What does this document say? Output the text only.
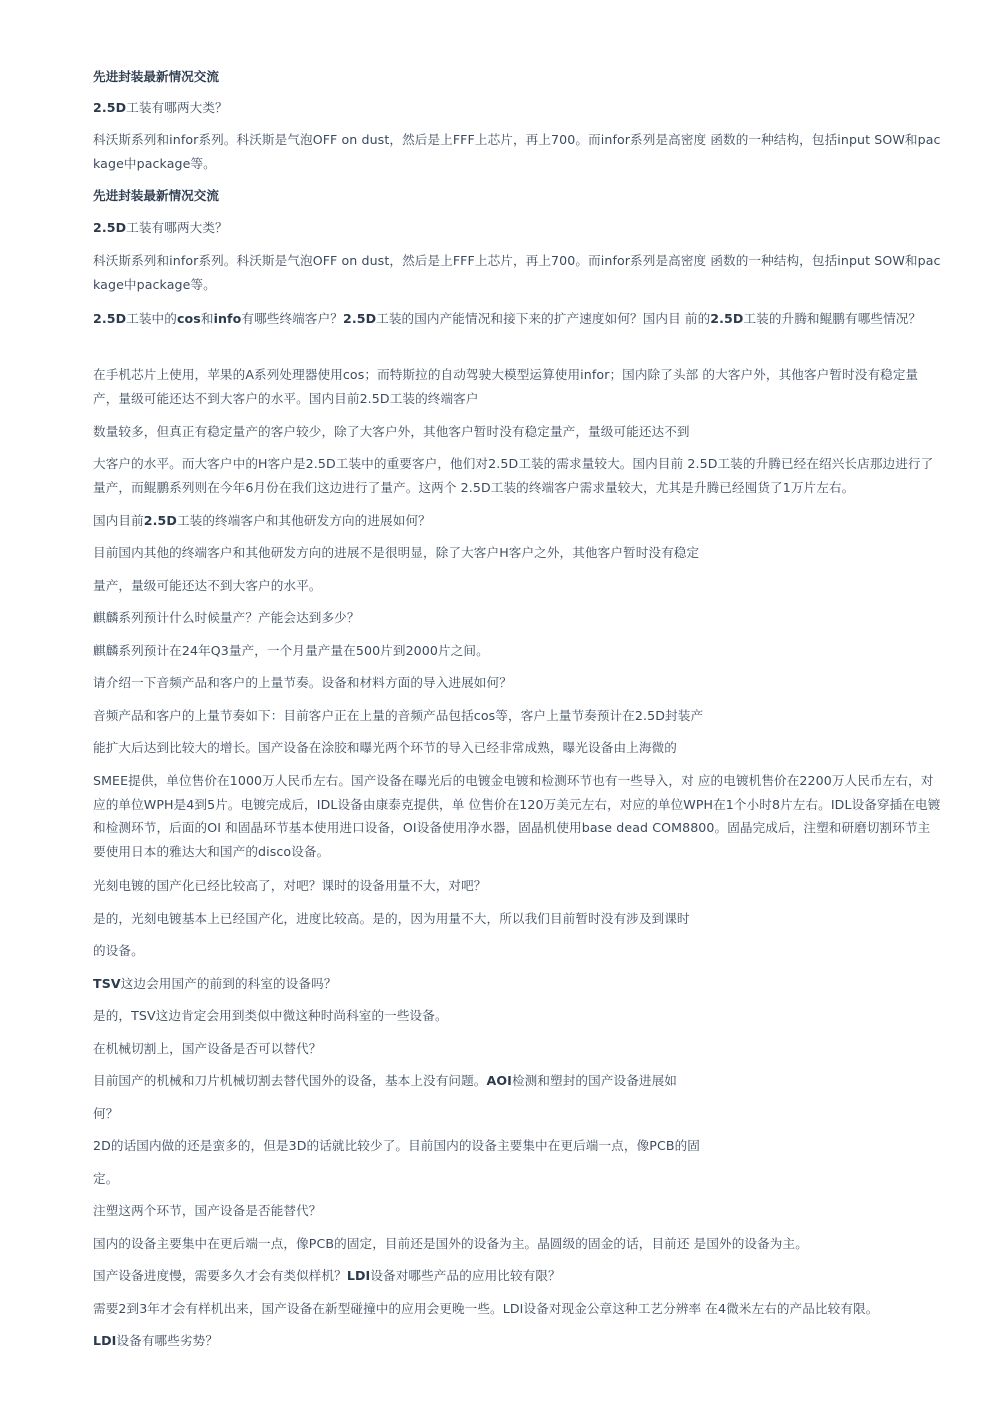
先进封装最新情况交流

2.5D工装有哪两大类？

科沃斯系列和infor系列。科沃斯是气泡OFF on dust，然后是上FFF上芯片，再上700。而infor系列是高密度 函数的一种结构，包括input SOW和package中package等。

先进封装最新情况交流

2.5D工装有哪两大类？

科沃斯系列和infor系列。科沃斯是气泡OFF on dust，然后是上FFF上芯片，再上700。而infor系列是高密度 函数的一种结构，包括input SOW和package中package等。

2.5D工装中的cos和info有哪些终端客户？2.5D工装的国内产能情况和接下来的扩产速度如何？国内目 前的2.5D工装的升腾和鲲鹏有哪些情况？

在手机芯片上使用，苹果的A系列处理器使用cos；而特斯拉的自动驾驶大模型运算使用infor；国内除了头部 的大客户外，其他客户暂时没有稳定量产，量级可能还达不到大客户的水平。国内目前2.5D工装的终端客户

数量较多，但真正有稳定量产的客户较少，除了大客户外，其他客户暂时没有稳定量产，量级可能还达不到

大客户的水平。而大客户中的H客户是2.5D工装中的重要客户，他们对2.5D工装的需求量较大。国内目前 2.5D工装的升腾已经在绍兴长店那边进行了量产，而鲲鹏系列则在今年6月份在我们这边进行了量产。这两个 2.5D工装的终端客户需求量较大，尤其是升腾已经囤货了1万片左右。

国内目前2.5D工装的终端客户和其他研发方向的进展如何？

目前国内其他的终端客户和其他研发方向的进展不是很明显，除了大客户H客户之外，其他客户暂时没有稳定

量产，量级可能还达不到大客户的水平。

麒麟系列预计什么时候量产？产能会达到多少？

麒麟系列预计在24年Q3量产，一个月量产量在500片到2000片之间。

请介绍一下音频产品和客户的上量节奏。设备和材料方面的导入进展如何？

音频产品和客户的上量节奏如下：目前客户正在上量的音频产品包括cos等，客户上量节奏预计在2.5D封装产

能扩大后达到比较大的增长。国产设备在涂胶和曝光两个环节的导入已经非常成熟，曝光设备由上海微的

SMEE提供，单位售价在1000万人民币左右。国产设备在曝光后的电镀金电镀和检测环节也有一些导入，对 应的电镀机售价在2200万人民币左右，对应的单位WPH是4到5片。电镀完成后，IDL设备由康泰克提供，单 位售价在120万美元左右，对应的单位WPH在1个小时8片左右。IDL设备穿插在电镀和检测环节，后面的OI 和固晶环节基本使用进口设备，OI设备使用净水器，固晶机使用base dead COM8800。固晶完成后，注塑和研磨切割环节主要使用日本的雅达大和国产的disco设备。

光刻电镀的国产化已经比较高了，对吧？课时的设备用量不大，对吧？

是的，光刻电镀基本上已经国产化，进度比较高。是的，因为用量不大，所以我们目前暂时没有涉及到课时

的设备。

TSV这边会用国产的前到的科室的设备吗？

是的，TSV这边肯定会用到类似中微这种时尚科室的一些设备。

在机械切割上，国产设备是否可以替代？

目前国产的机械和刀片机械切割去替代国外的设备，基本上没有问题。AOI检测和塑封的国产设备进展如

何？

2D的话国内做的还是蛮多的，但是3D的话就比较少了。目前国内的设备主要集中在更后端一点，像PCB的固

定。

注塑这两个环节，国产设备是否能替代？

国内的设备主要集中在更后端一点，像PCB的固定，目前还是国外的设备为主。晶圆级的固金的话，目前还 是国外的设备为主。

国产设备进度慢，需要多久才会有类似样机？LDI设备对哪些产品的应用比较有限？

需要2到3年才会有样机出来，国产设备在新型碰撞中的应用会更晚一些。LDI设备对现金公章这种工艺分辨率 在4微米左右的产品比较有限。

LDI设备有哪些劣势？
